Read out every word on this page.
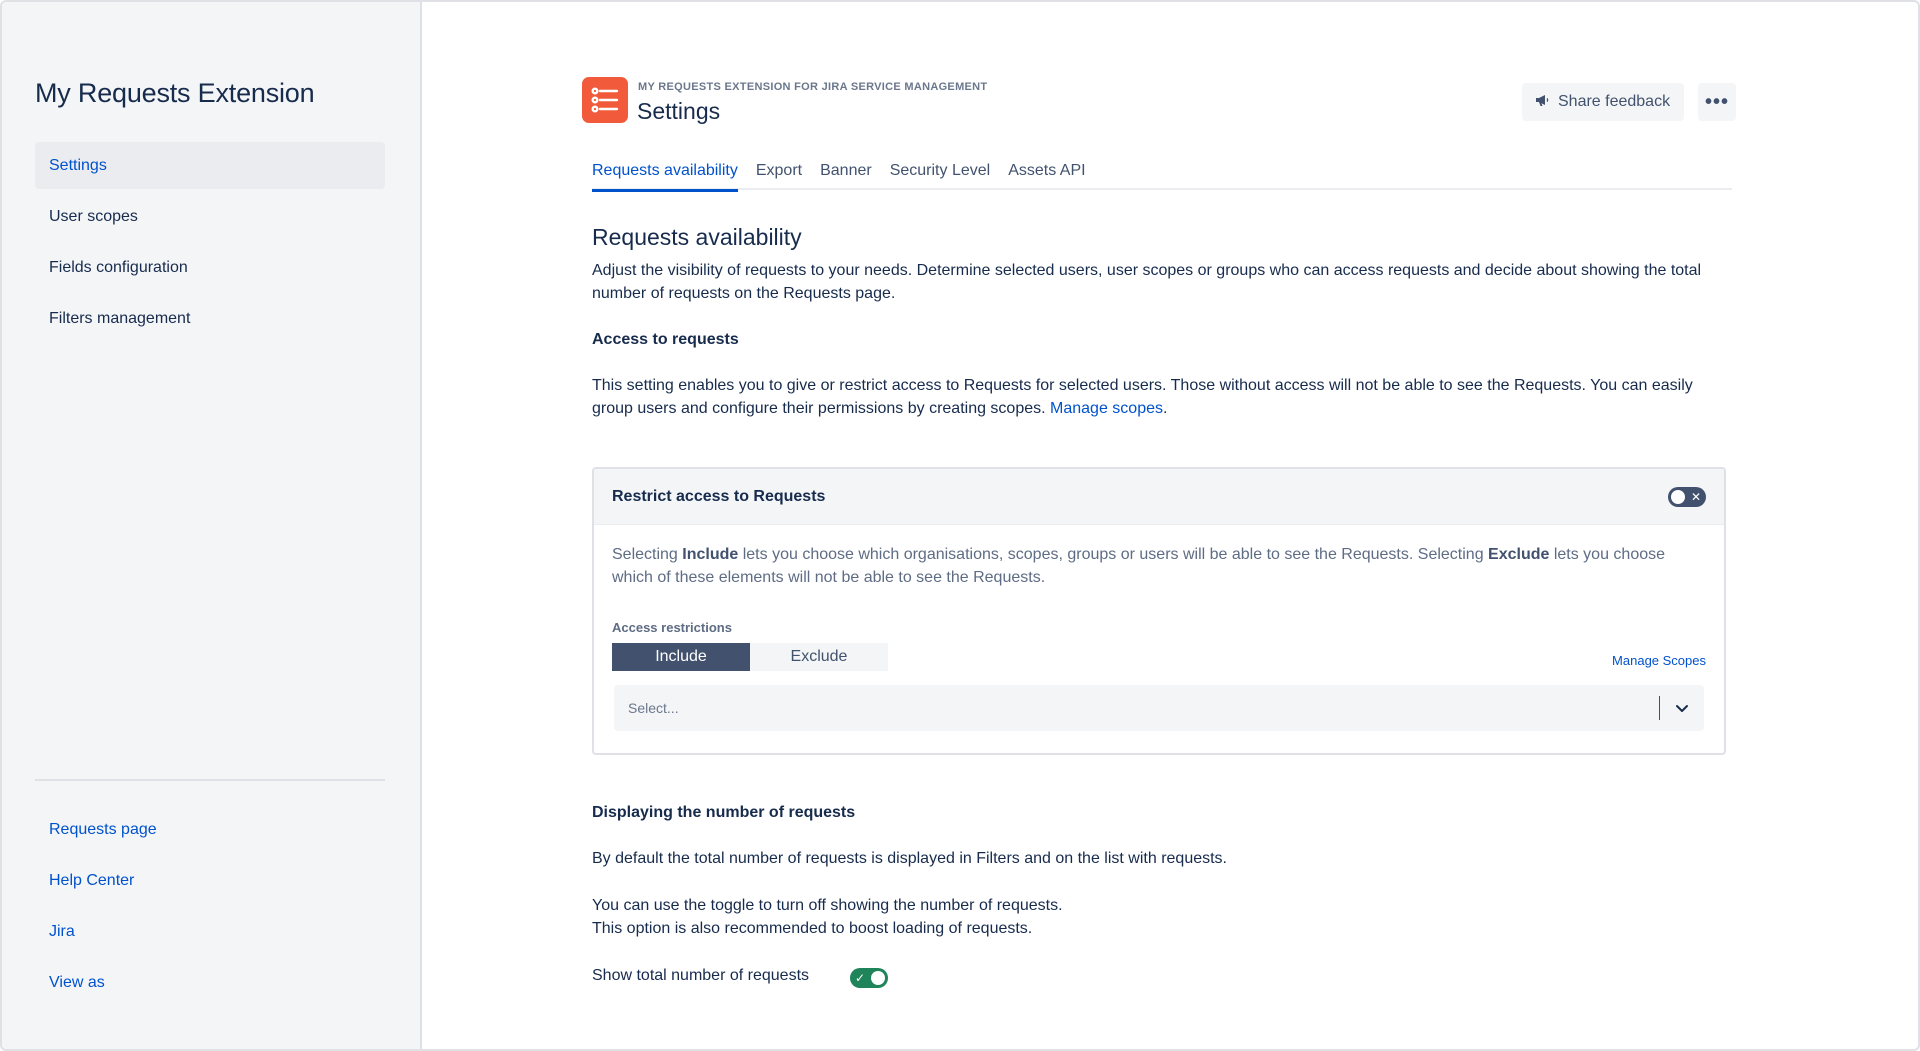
My Requests Extension
Settings
User scopes
Fields configuration
Filters management
Requests page
Help Center
Jira
View as
MY REQUESTS EXTENSION FOR JIRA SERVICE MANAGEMENT
Settings	Share feedback •••
Requests availability	Export	Banner	Security Level	Assets API
Requests availability

Adjust the visibility of requests to your needs. Determine selected users, user scopes or groups who can access requests and decide about showing the total number of requests on the Requests page.

Access to requests

This setting enables you to give or restrict access to Requests for selected users. Those without access will not be able to see the Requests. You can easily group users and configure their permissions by creating scopes. Manage scopes.

Restrict access to Requests	✕

Selecting Include lets you choose which organisations, scopes, groups or users will be able to see the Requests. Selecting Exclude lets you choose which of these elements will not be able to see the Requests.

Access restrictions
Include	Exclude	Manage Scopes
Select...
Displaying the number of requests

By default the total number of requests is displayed in Filters and on the list with requests.

You can use the toggle to turn off showing the number of requests.

This option is also recommended to boost loading of requests.

Show total number of requests	✓
